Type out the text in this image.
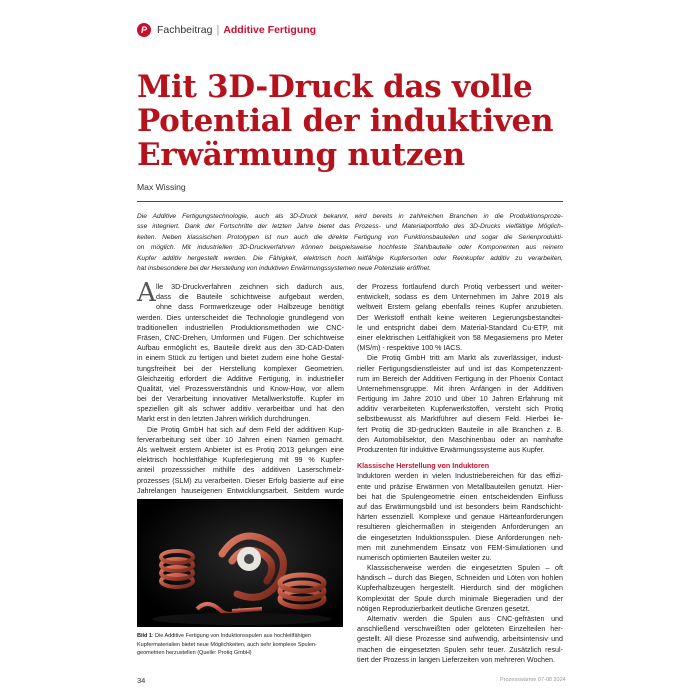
P Fachbeitrag | Additive Fertigung
Mit 3D-Druck das volle
Potential der induktiven
Erwärmung nutzen
Max Wissing
Die Additive Fertigungstechnologie, auch als 3D-Druck bekannt, wird bereits in zahlreichen Branchen in die Produktionsproze-
sse integriert. Dank der Fortschritte der letzten Jahre bietet das Prozess- und Materialportfolio des 3D-Drucks vielfältige Möglich-
keiten. Neben klassischen Prototypen ist nun auch die direkte Fertigung von Funktionsbauteilen und sogar die Serienprodukti-
on möglich. Mit industriellen 3D-Druckverfahren können beispielsweise hochfeste Stahlbauteile oder Komponenten aus reinem
Kupfer additiv hergestellt werden. Die Fähigkeit, elektrisch hoch leitfähige Kupfersorten oder Reinkupfer additiv zu verarbeiten,
hat insbesondere bei der Herstellung von induktiven Erwärmungssystemen neue Potenziale eröffnet.
A lle 3D-Druckverfahren zeichnen sich dadurch aus,
dass die Bauteile schichtweise aufgebaut werden,
ohne dass Formwerkzeuge oder Halbzeuge benötigt
werden. Dies unterscheidet die Technologie grundlegend von
traditionellen industriellen Produktionsmethoden wie CNC-
Fräsen, CNC-Drehen, Umformen und Fügen. Der schichtweise
Aufbau ermöglicht es, Bauteile direkt aus den 3D-CAD-Daten
in einem Stück zu fertigen und bietet zudem eine hohe Gestal-
tungsfreiheit bei der Herstellung komplexer Geometrien.
Gleichzeitig erfordert die Additive Fertigung, in industrieller
Qualität, viel Prozessverständnis und Know-How, vor allem
bei der Verarbeitung innovativer Metallwerkstoffe. Kupfer im
speziellen gilt als schwer additiv verarbeitbar und hat den
Markt erst in den letzten Jahren wirklich durchdrungen.
Die Protiq GmbH hat sich auf dem Feld der additiven Kup-
ferverarbeitung seit über 10 Jahren einen Namen gemacht.
Als weltweit erstem Anbieter ist es Protiq 2013 gelungen eine
elektrisch hochleitfähige Kupferlegierung mit 99 % Kupfer-
anteil prozesssicher mithilfe des additiven Laserschmelz-
prozesses (SLM) zu verarbeiten. Dieser Erfolg basierte auf eine
Jahrelangen hauseigenen Entwicklungsarbeit. Seitdem wurde
Bild 1: Die Additive Fertigung von Induktionsspulen aus hochleitfähigen
Kupfermaterialien bietet neue Möglichkeiten, auch sehr komplexe Spulen-
geometrien herzustellen (Quelle: Protiq GmbH)
der Prozess fortlaufend durch Protiq verbessert und weiter-
entwickelt, sodass es dem Unternehmen im Jahre 2019 als
weltweit Erstem gelang ebenfalls reines Kupfer anzubieten.
Der Werkstoff enthält keine weiteren Legierungsbestandtei-
le und entspricht dabei dem Material-Standard Cu-ETP, mit
einer elektrischen Leitfähigkeit von 58 Megasiemens pro Meter
(MS/m) - respektive 100 % IACS.
Die Protiq GmbH tritt am Markt als zuverlässiger, indust-
rieller Fertigungsdienstleister auf und ist das Kompetenzzent-
rum im Bereich der Additiven Fertigung in der Phoenix Contact
Unternehmensgruppe. Mit ihren Anfängen in der Additiven
Fertigung im Jahre 2010 und über 10 Jahren Erfahrung mit
additiv verarbeiteten Kupferwerkstoffen, versteht sich Protiq
selbstbewusst als Marktführer auf diesem Feld. Hierbei lie-
fert Protiq die 3D-gedruckten Bauteile in alle Branchen z. B.
den Automobilsektor, den Maschinenbau oder an namhafte
Produzenten für induktive Erwärmungssysteme aus Kupfer.
Klassische Herstellung von Induktoren
Induktoren werden in vielen Industriebereichen für das effizi-
ente und präzise Erwärmen von Metallbauteilen genutzt. Hier-
bei hat die Spulengeometrie einen entscheidenden Einfluss
auf das Erwärmungsbild und ist besonders beim Randschicht-
härten essenziell. Komplexe und genaue Härteanforderungen
resultieren gleichermaßen in steigenden Anforderungen an
die eingesetzten Induktionsspulen. Diese Anforderungen neh-
men mit zunehmendem Einsatz von FEM-Simulationen und
numerisch optimierten Bauteilen weiter zu.
Klassischerweise werden die eingesetzten Spulen – oft
händisch – durch das Biegen, Schneiden und Löten von hohlen
Kupferhalbzeugen hergestellt. Hierdurch sind der möglichen
Komplexität der Spule durch minimale Biegeradien und der
nötigen Reproduzierbarkeit deutliche Grenzen gesetzt.
Alternativ werden die Spulen aus CNC-gefrästen und
anschließend verschweißten oder gelöteten Einzelteilen her-
gestellt. All diese Prozesse sind aufwendig, arbeitsintensiv und
machen die eingesetzten Spulen sehr teuer. Zusätzlich resul-
tiert der Prozess in langen Lieferzeiten von mehreren Wochen.
34	Prozesswärme 07-08 2024
